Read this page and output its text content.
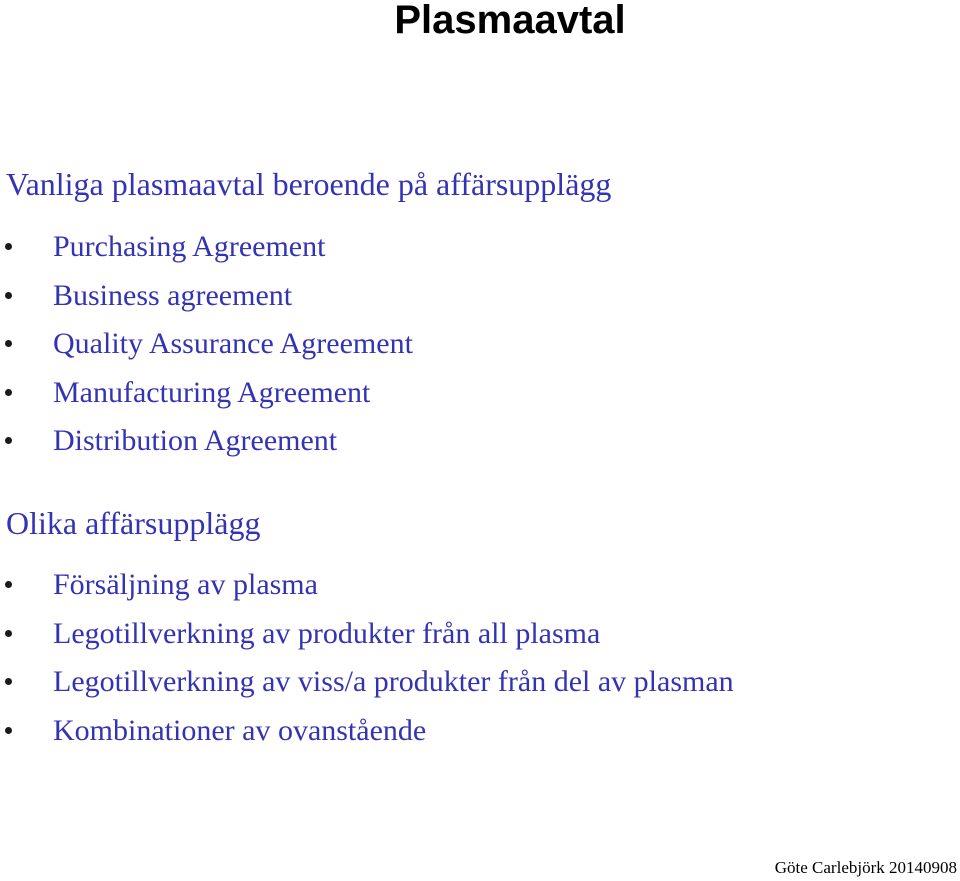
Plasmaavtal
Vanliga plasmaavtal beroende på affärsupplägg
Purchasing Agreement
Business agreement
Quality Assurance Agreement
Manufacturing Agreement
Distribution Agreement
Olika affärsupplägg
Försäljning av plasma
Legotillverkning av produkter från all plasma
Legotillverkning av viss/a produkter från del av plasman
Kombinationer av ovanstående
Göte Carlebjörk 20140908
